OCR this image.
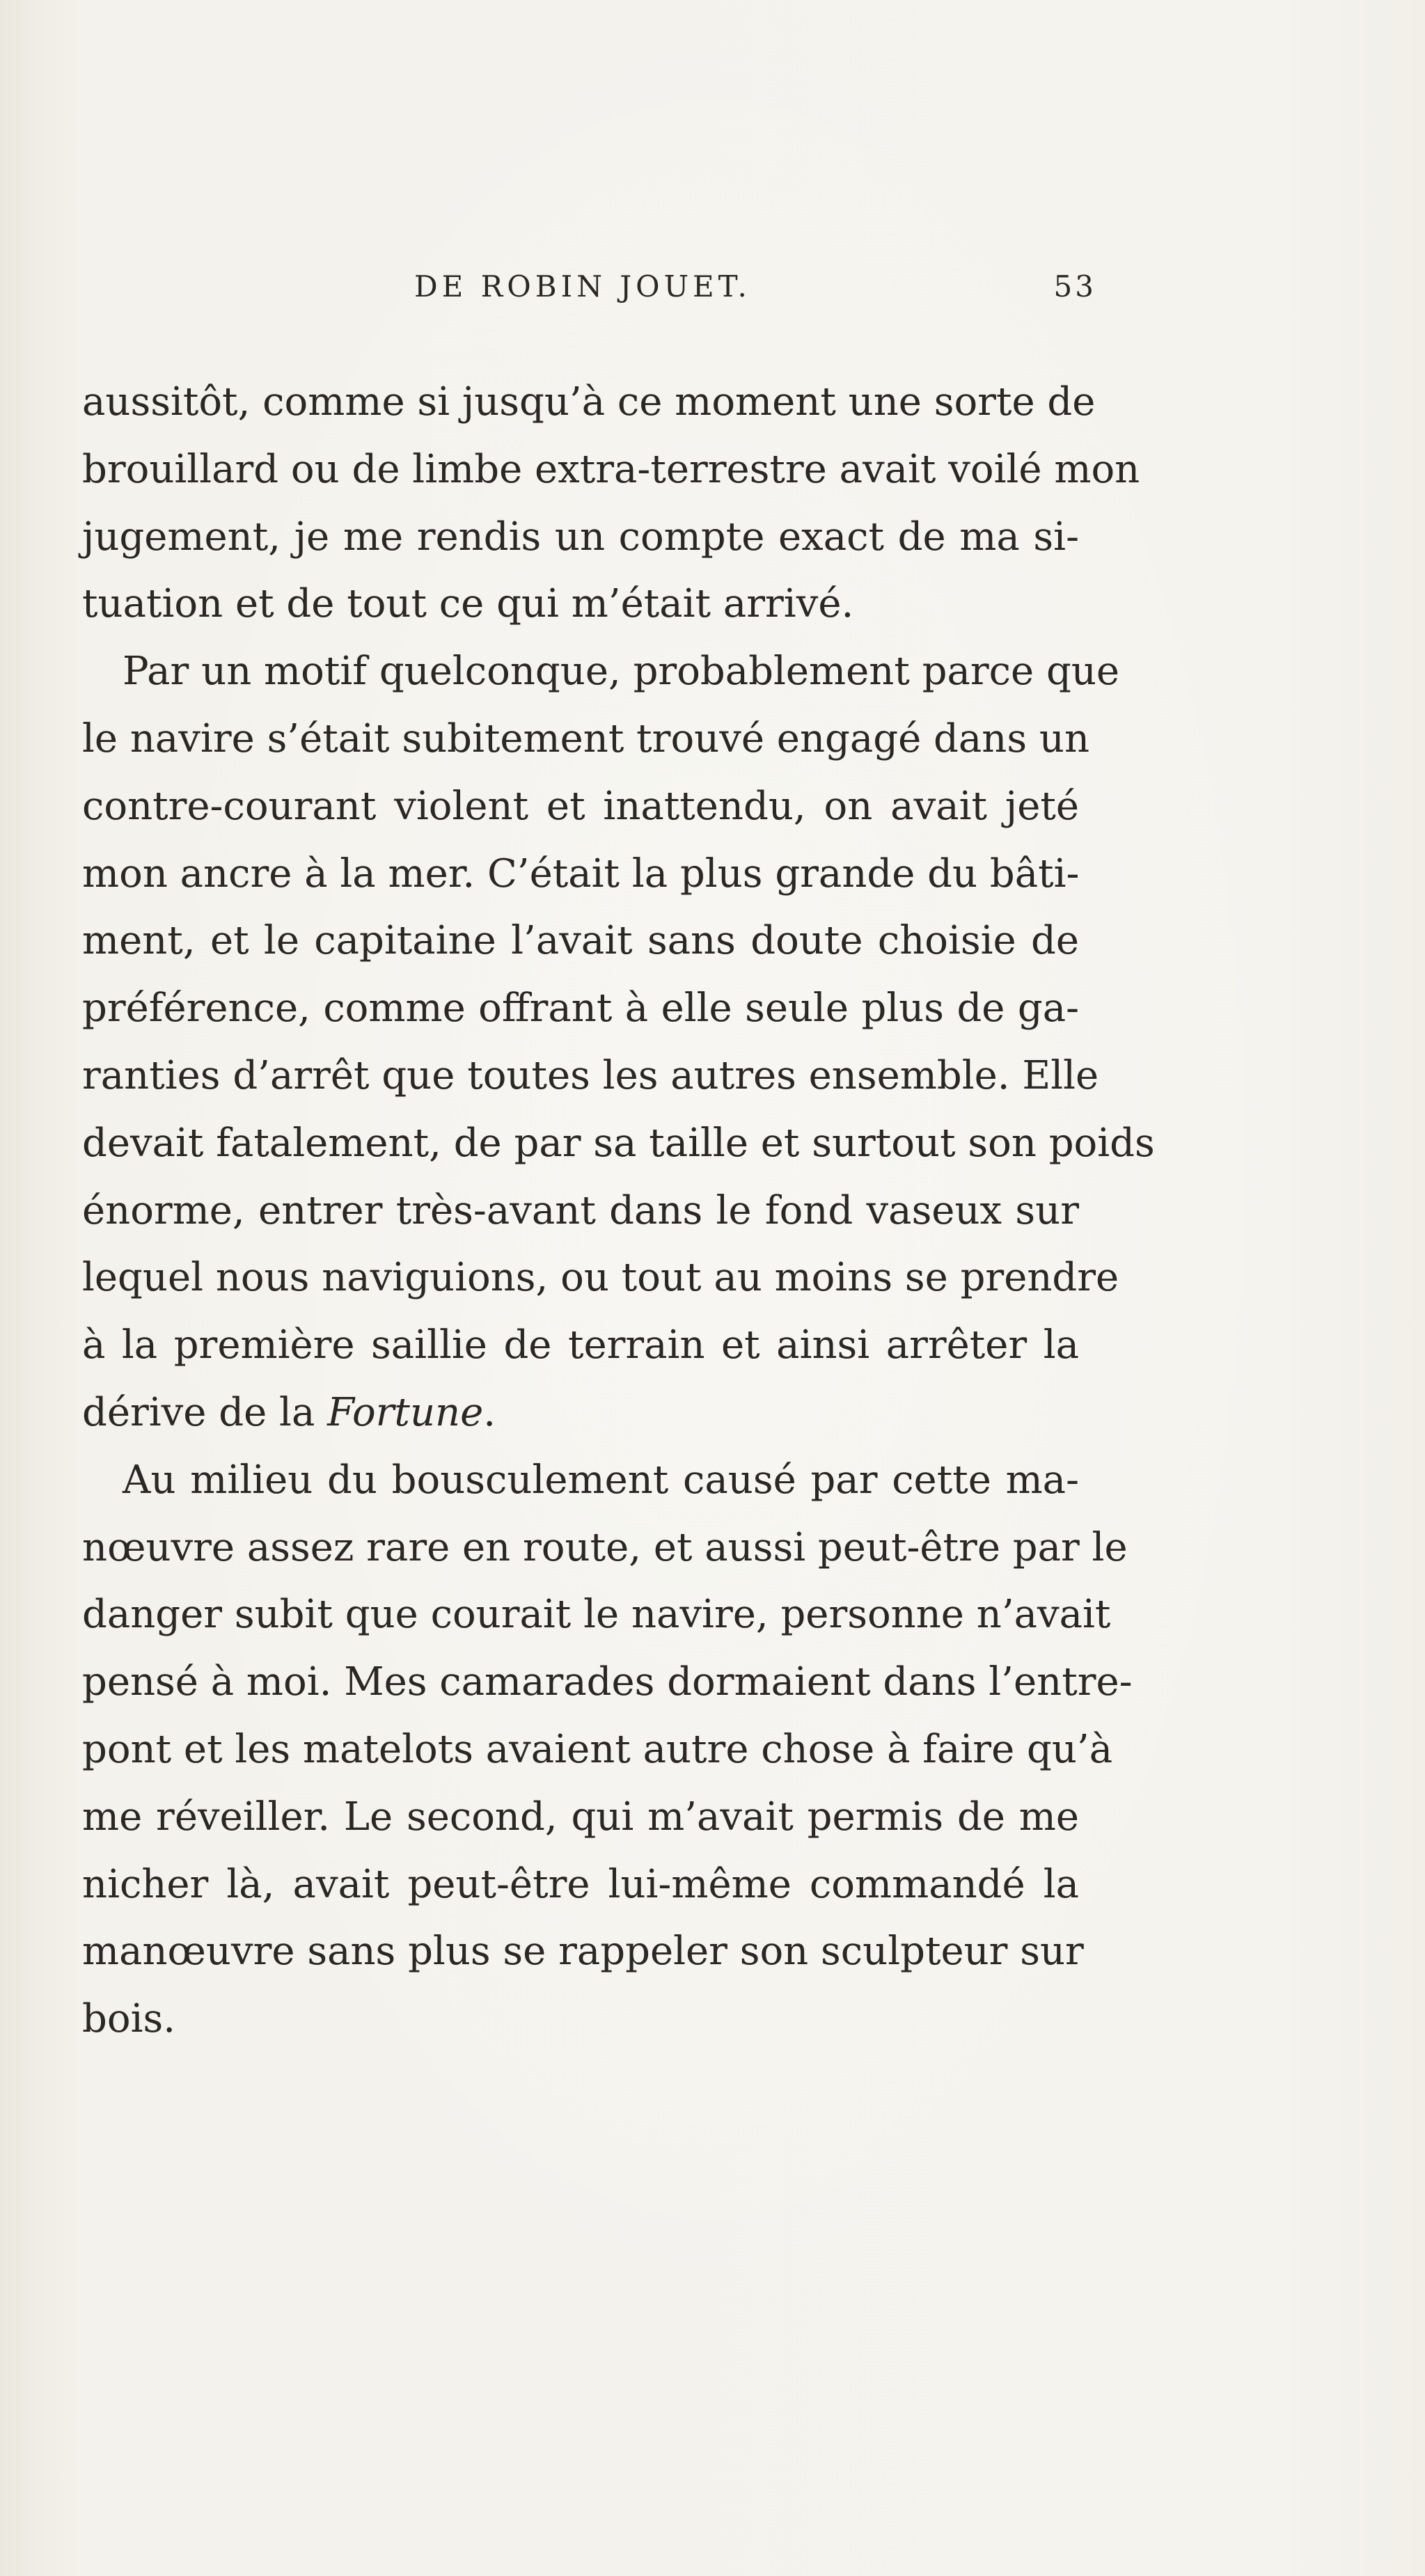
DE ROBIN JOUET.	53
aussitôt, comme si jusqu’à ce moment une sorte de
brouillard ou de limbe extra-terrestre avait voilé mon
jugement, je me rendis un compte exact de ma si-
tuation et de tout ce qui m’était arrivé.
Par un motif quelconque, probablement parce que
le navire s’était subitement trouvé engagé dans un
contre-courant violent et inattendu, on avait jeté
mon ancre à la mer. C’était la plus grande du bâti-
ment, et le capitaine l’avait sans doute choisie de
préférence, comme offrant à elle seule plus de ga-
ranties d’arrêt que toutes les autres ensemble. Elle
devait fatalement, de par sa taille et surtout son poids
énorme, entrer très-avant dans le fond vaseux sur
lequel nous naviguions, ou tout au moins se prendre
à la première saillie de terrain et ainsi arrêter la
dérive de la Fortune.
Au milieu du bousculement causé par cette ma-
nœuvre assez rare en route, et aussi peut-être par le
danger subit que courait le navire, personne n’avait
pensé à moi. Mes camarades dormaient dans l’entre-
pont et les matelots avaient autre chose à faire qu’à
me réveiller. Le second, qui m’avait permis de me
nicher là, avait peut-être lui-même commandé la
manœuvre sans plus se rappeler son sculpteur sur
bois.
